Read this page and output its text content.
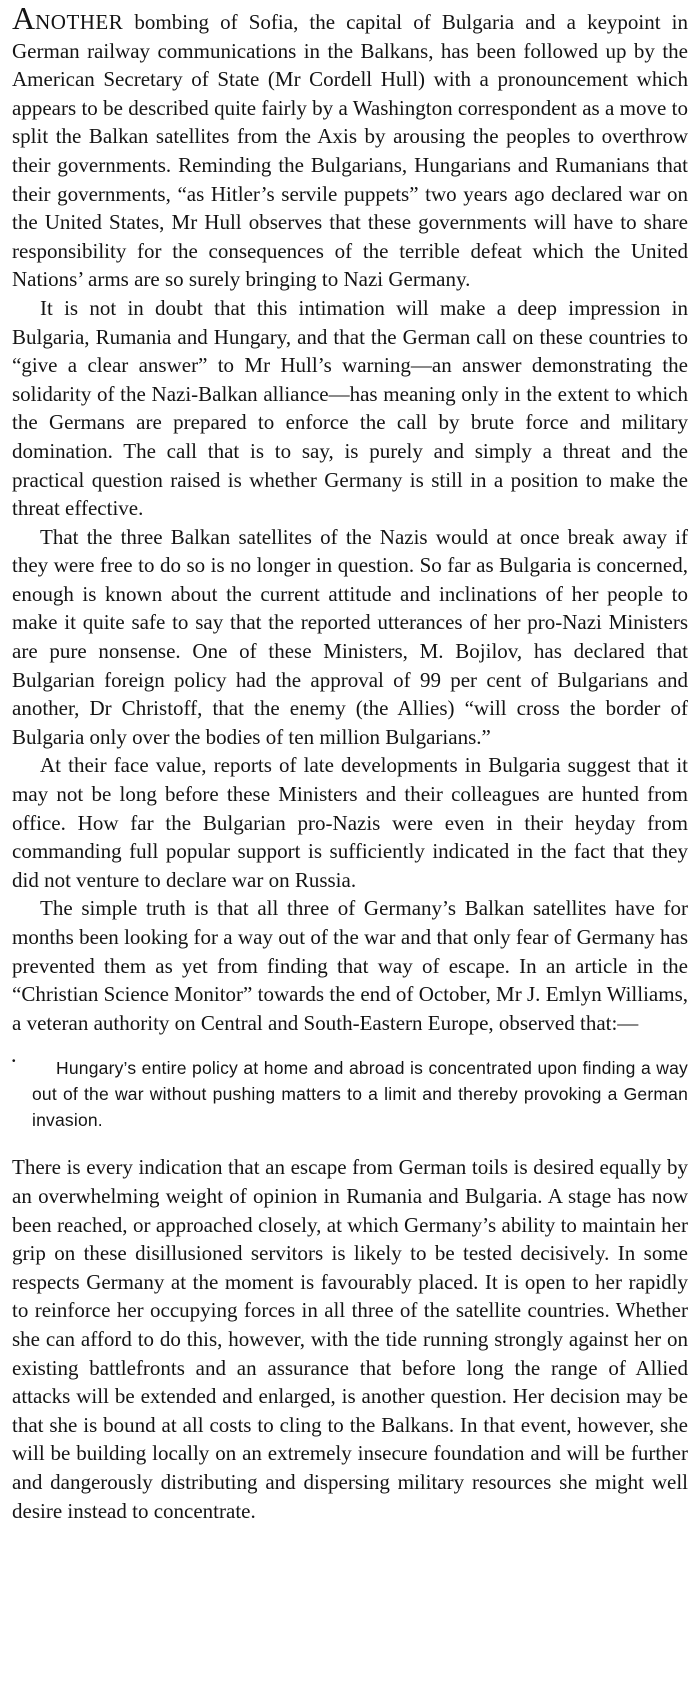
ANOTHER bombing of Sofia, the capital of Bulgaria and a keypoint in German railway communications in the Balkans, has been followed up by the American Secretary of State (Mr Cordell Hull) with a pronouncement which appears to be described quite fairly by a Washington correspondent as a move to split the Balkan satellites from the Axis by arousing the peoples to overthrow their governments. Reminding the Bulgarians, Hungarians and Rumanians that their governments, “as Hitler’s servile puppets” two years ago declared war on the United States, Mr Hull observes that these governments will have to share responsibility for the consequences of the terrible defeat which the United Nations’ arms are so surely bringing to Nazi Germany.

It is not in doubt that this intimation will make a deep impression in Bulgaria, Rumania and Hungary, and that the German call on these countries to “give a clear answer” to Mr Hull’s warning—an answer demonstrating the solidarity of the Nazi-Balkan alliance—has meaning only in the extent to which the Germans are prepared to enforce the call by brute force and military domination. The call that is to say, is purely and simply a threat and the practical question raised is whether Germany is still in a position to make the threat effective.

That the three Balkan satellites of the Nazis would at once break away if they were free to do so is no longer in question. So far as Bulgaria is concerned, enough is known about the current attitude and inclinations of her people to make it quite safe to say that the reported utterances of her pro-Nazi Ministers are pure nonsense. One of these Ministers, M. Bojilov, has declared that Bulgarian foreign policy had the approval of 99 per cent of Bulgarians and another, Dr Christoff, that the enemy (the Allies) “will cross the border of Bulgaria only over the bodies of ten million Bulgarians.”

At their face value, reports of late developments in Bulgaria suggest that it may not be long before these Ministers and their colleagues are hunted from office. How far the Bulgarian pro-Nazis were even in their heyday from commanding full popular support is sufficiently indicated in the fact that they did not venture to declare war on Russia.

The simple truth is that all three of Germany’s Balkan satellites have for months been looking for a way out of the war and that only fear of Germany has prevented them as yet from finding that way of escape. In an article in the “Christian Science Monitor” towards the end of October, Mr J. Emlyn Williams, a veteran authority on Central and South-Eastern Europe, observed that:—

• Hungary’s entire policy at home and abroad is concentrated upon finding a way out of the war without pushing matters to a limit and thereby provoking a German invasion.

There is every indication that an escape from German toils is desired equally by an overwhelming weight of opinion in Rumania and Bulgaria. A stage has now been reached, or approached closely, at which Germany’s ability to maintain her grip on these disillusioned servitors is likely to be tested decisively. In some respects Germany at the moment is favourably placed. It is open to her rapidly to reinforce her occupying forces in all three of the satellite countries. Whether she can afford to do this, however, with the tide running strongly against her on existing battlefronts and an assurance that before long the range of Allied attacks will be extended and enlarged, is another question. Her decision may be that she is bound at all costs to cling to the Balkans. In that event, however, she will be building locally on an extremely insecure foundation and will be further and dangerously distributing and dispersing military resources she might well desire instead to concentrate.
